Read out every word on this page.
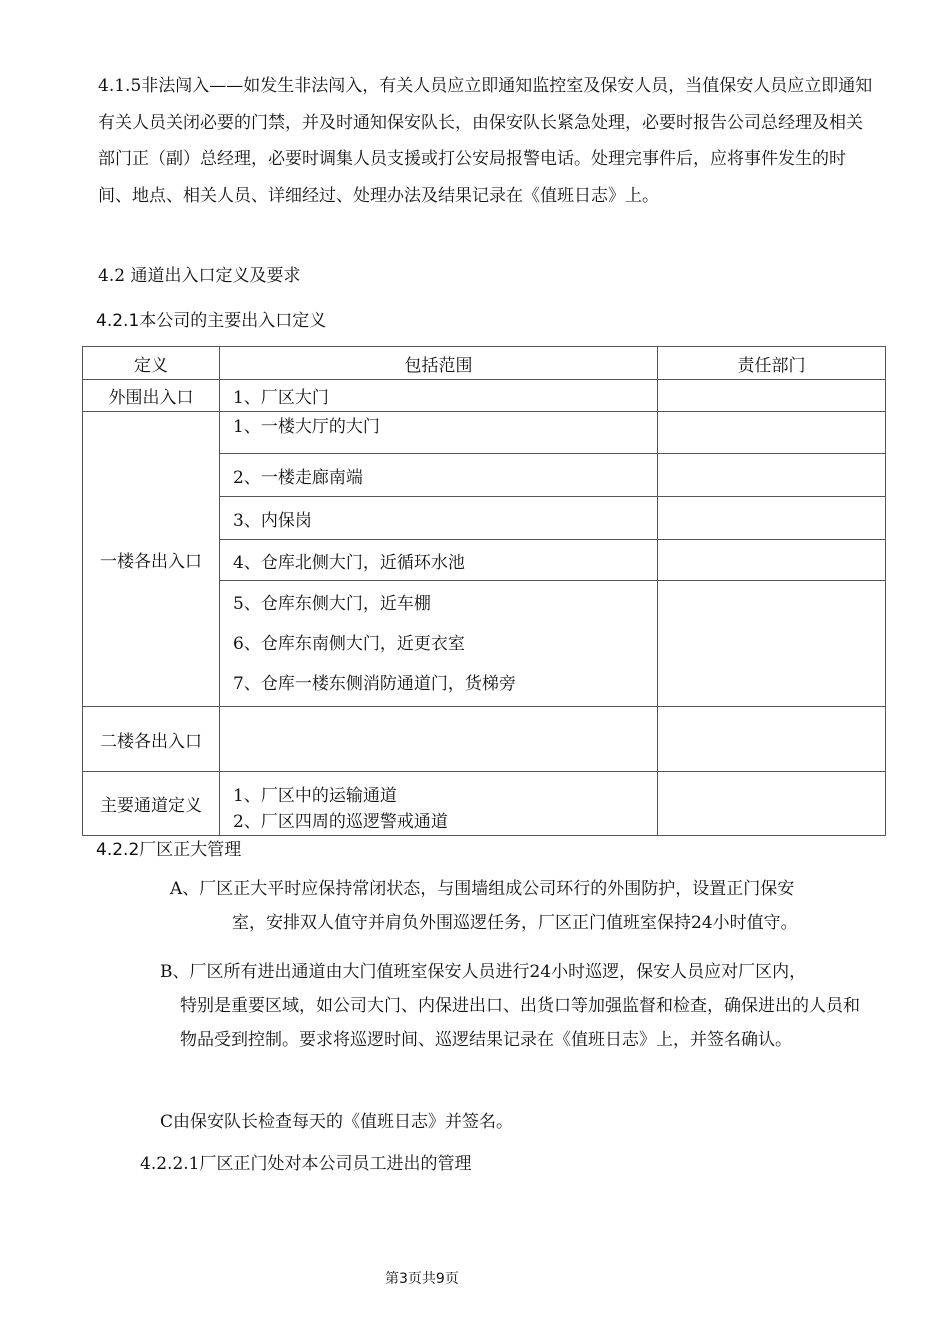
4.1.5非法闯入——如发生非法闯入，有关人员应立即通知监控室及保安人员，当值保安人员应立即通知有关人员关闭必要的门禁，并及时通知保安队长，由保安队长紧急处理，必要时报告公司总经理及相关部门正（副）总经理，必要时调集人员支援或打公安局报警电话。处理完事件后，应将事件发生的时间、地点、相关人员、详细经过、处理办法及结果记录在《值班日志》上。
4.2 通道出入口定义及要求
4.2.1本公司的主要出入口定义
定义	包括范围	责任部门
外围出入口	1、厂区大门	
一楼各出入口	1、一楼大厅的大门	
	2、一楼走廊南端	
	3、内保岗	
	4、仓库北侧大门，近循环水池	

	5、仓库东侧大门，近车棚
6、仓库东南侧大门，近更衣室
7、仓库一楼东侧消防通道门，货梯旁	

二楼各出入口		
主要通道定义	1、厂区中的运输通道
2、厂区四周的巡逻警戒通道	

4.2.2厂区正大管理
A、厂区正大平时应保持常闭状态，与围墙组成公司环行的外围防护，设置正门保安
室，安排双人值守并肩负外围巡逻任务，厂区正门值班室保持24小时值守。
B、厂区所有进出通道由大门值班室保安人员进行24小时巡逻，保安人员应对厂区内，
特别是重要区域，如公司大门、内保进出口、出货口等加强监督和检查，确保进出的人员和物品受到控制。要求将巡逻时间、巡逻结果记录在《值班日志》上，并签名确认。
C由保安队长检查每天的《值班日志》并签名。
4.2.2.1厂区正门处对本公司员工进出的管理
第3页共9页
